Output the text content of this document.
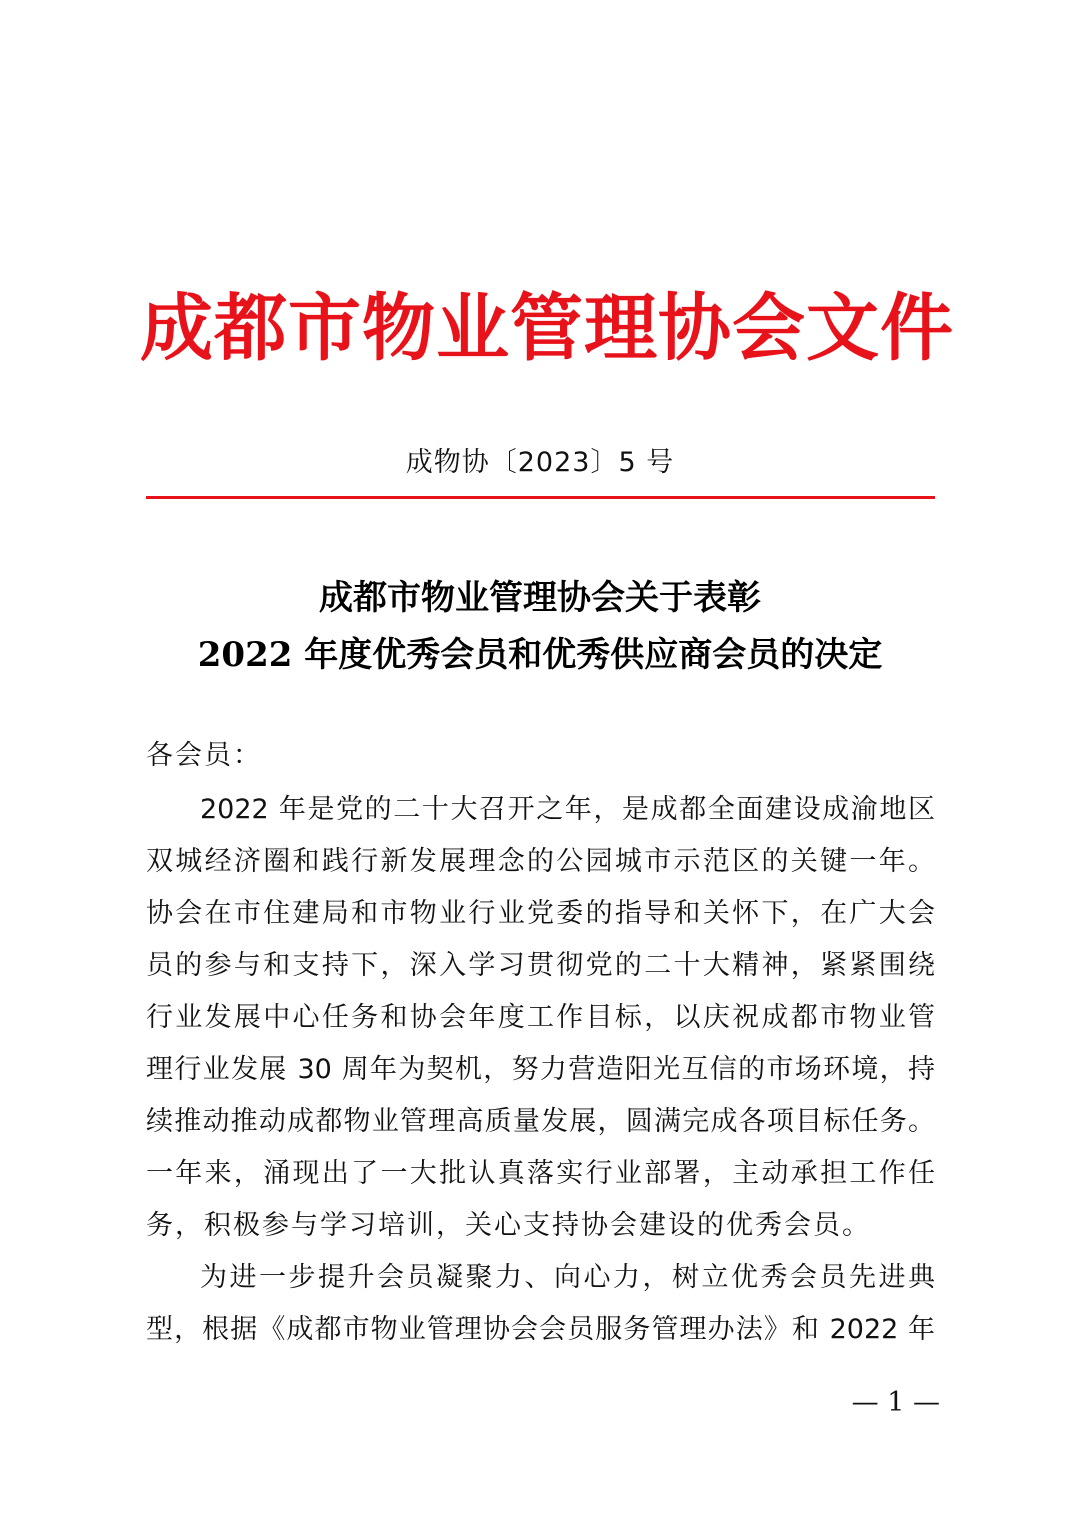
成都市物业管理协会文件
成物协〔2023〕5 号
成都市物业管理协会关于表彰
2022 年度优秀会员和优秀供应商会员的决定
各会员：
2022 年是党的二十大召开之年，是成都全面建设成渝地区
双城经济圈和践行新发展理念的公园城市示范区的关键一年。
协会在市住建局和市物业行业党委的指导和关怀下，在广大会
员的参与和支持下，深入学习贯彻党的二十大精神，紧紧围绕
行业发展中心任务和协会年度工作目标，以庆祝成都市物业管
理行业发展 30 周年为契机，努力营造阳光互信的市场环境，持
续推动推动成都物业管理高质量发展，圆满完成各项目标任务。
一年来，涌现出了一大批认真落实行业部署，主动承担工作任
务，积极参与学习培训，关心支持协会建设的优秀会员。
为进一步提升会员凝聚力、向心力，树立优秀会员先进典
型，根据《成都市物业管理协会会员服务管理办法》和 2022 年
— 1 —
